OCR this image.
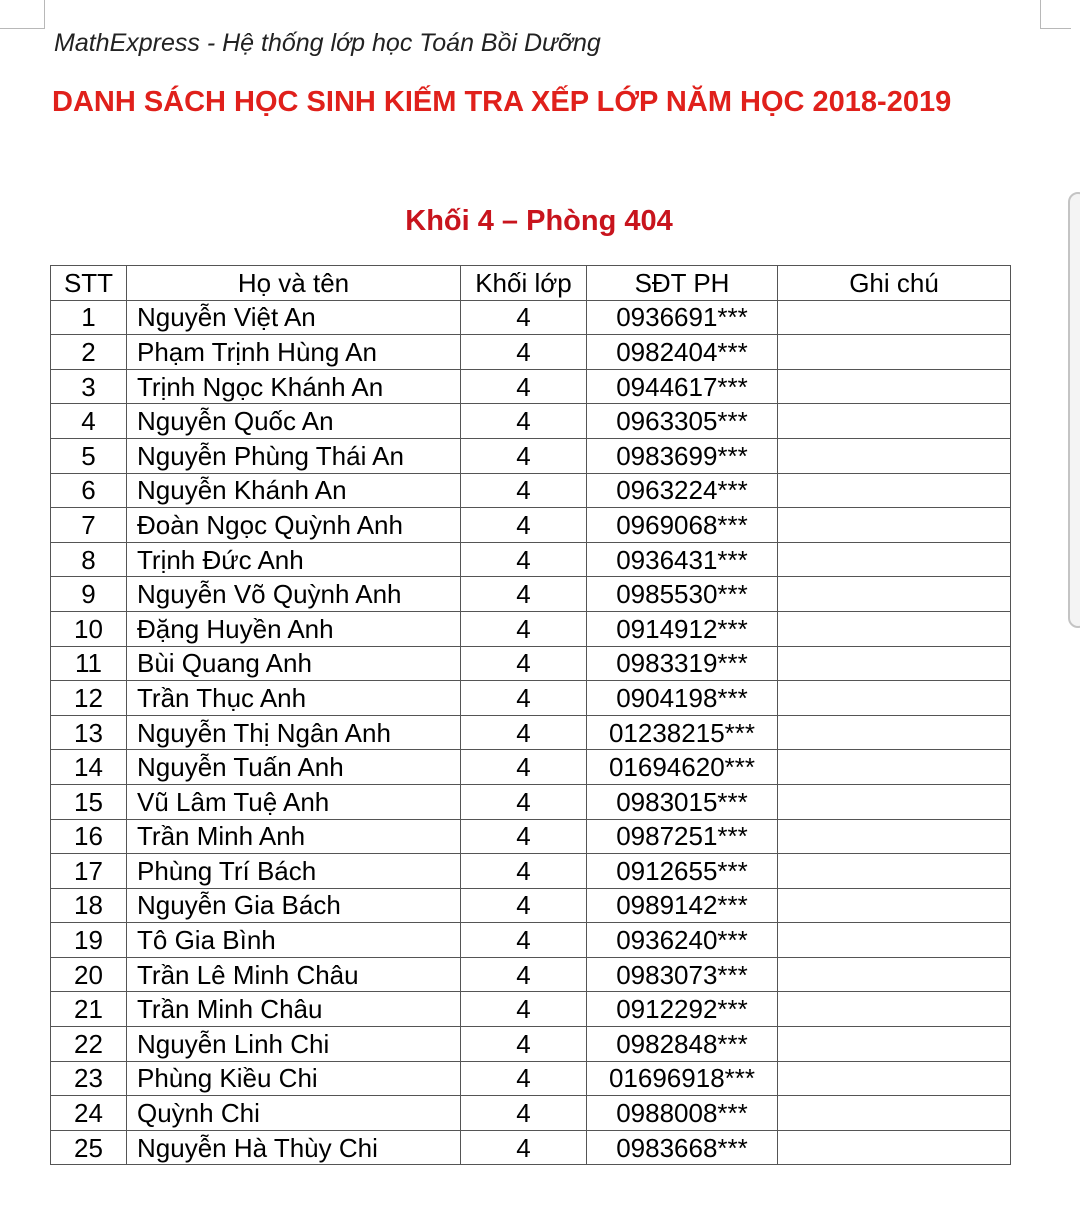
MathExpress - Hệ thống lớp học Toán Bồi Dưỡng
DANH SÁCH HỌC SINH KIẾM TRA XẾP LỚP NĂM HỌC 2018-2019
Khối 4 – Phòng 404
STT	Họ và tên	Khối lớp	SĐT PH	Ghi chú
1	Nguyễn Việt An	4	0936691***	
2	Phạm Trịnh Hùng An	4	0982404***	
3	Trịnh Ngọc Khánh An	4	0944617***	
4	Nguyễn Quốc An	4	0963305***	
5	Nguyễn Phùng Thái An	4	0983699***	
6	Nguyễn Khánh An	4	0963224***	
7	Đoàn Ngọc Quỳnh Anh	4	0969068***	
8	Trịnh Đức Anh	4	0936431***	
9	Nguyễn Võ Quỳnh Anh	4	0985530***	
10	Đặng Huyền Anh	4	0914912***	
11	Bùi Quang Anh	4	0983319***	
12	Trần Thục Anh	4	0904198***	
13	Nguyễn Thị Ngân Anh	4	01238215***	
14	Nguyễn Tuấn Anh	4	01694620***	
15	Vũ Lâm Tuệ Anh	4	0983015***	
16	Trần Minh Anh	4	0987251***	
17	Phùng Trí Bách	4	0912655***	
18	Nguyễn Gia Bách	4	0989142***	
19	Tô Gia Bình	4	0936240***	
20	Trần Lê Minh Châu	4	0983073***	
21	Trần Minh Châu	4	0912292***	
22	Nguyễn Linh Chi	4	0982848***	
23	Phùng Kiều Chi	4	01696918***	
24	Quỳnh Chi	4	0988008***	
25	Nguyễn Hà Thùy Chi	4	0983668***	
